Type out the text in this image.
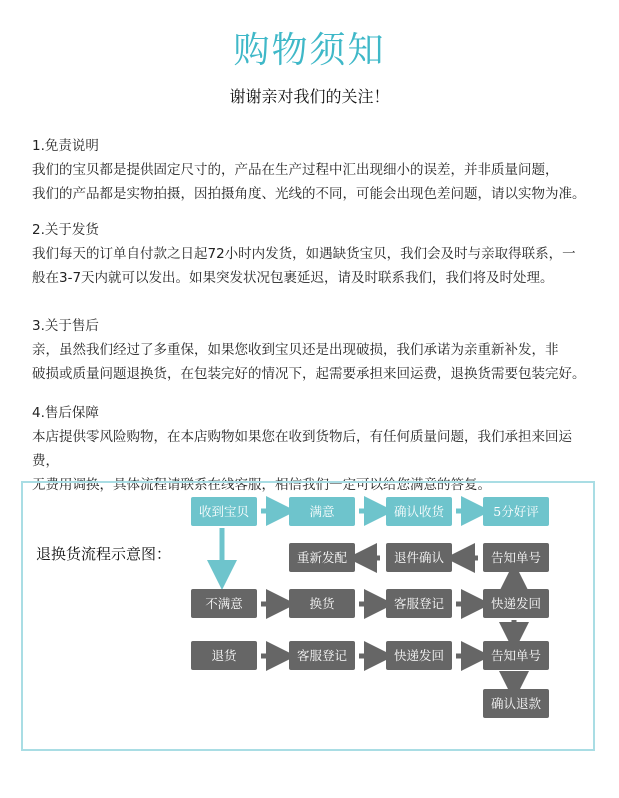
购物须知
谢谢亲对我们的关注！

1.免责说明

我们的宝贝都是提供固定尺寸的，产品在生产过程中汇出现细小的误差，并非质量问题，

我们的产品都是实物拍摄，因拍摄角度、光线的不同，可能会出现色差问题，请以实物为准。

2.关于发货

我们每天的订单自付款之日起72小时内发货，如遇缺货宝贝，我们会及时与亲取得联系，一

般在3-7天内就可以发出。如果突发状况包裹延迟，请及时联系我们，我们将及时处理。

3.关于售后

亲，虽然我们经过了多重保，如果您收到宝贝还是出现破损，我们承诺为亲重新补发，非

破损或质量问题退换货，在包装完好的情况下，起需要承担来回运费，退换货需要包装完好。

4.售后保障

本店提供零风险购物，在本店购物如果您在收到货物后，有任何质量问题，我们承担来回运费，

无费用调换，具体流程请联系在线客服，相信我们一定可以给您满意的答复。

退换货流程示意图：
收到宝贝	满意	确认收货	5分好评
重新发配	退件确认	告知单号
不满意	换货	客服登记	快递发回
退货	客服登记	快递发回	告知单号
确认退款
